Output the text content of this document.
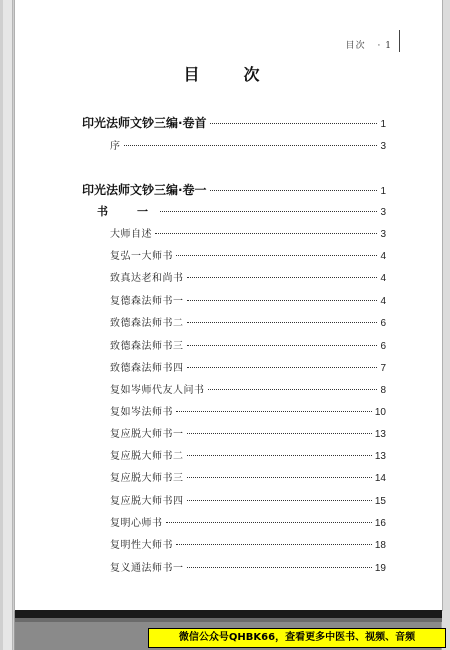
目次 · 1
目　次
印光法师文钞三编·卷首	1
序	3
印光法师文钞三编·卷一	1
书　一	3
大师自述	3
复弘一大师书	4
致真达老和尚书	4
复德森法师书一	4
致德森法师书二	6
致德森法师书三	6
致德森法师书四	7
复如岑师代友人问书	8
复如岑法师书	10
复应脱大师书一	13
复应脱大师书二	13
复应脱大师书三	14
复应脱大师书四	15
复明心师书	16
复明性大师书	18
复义通法师书一	19
微信公众号QHBK66，查看更多中医书、视频、音频
